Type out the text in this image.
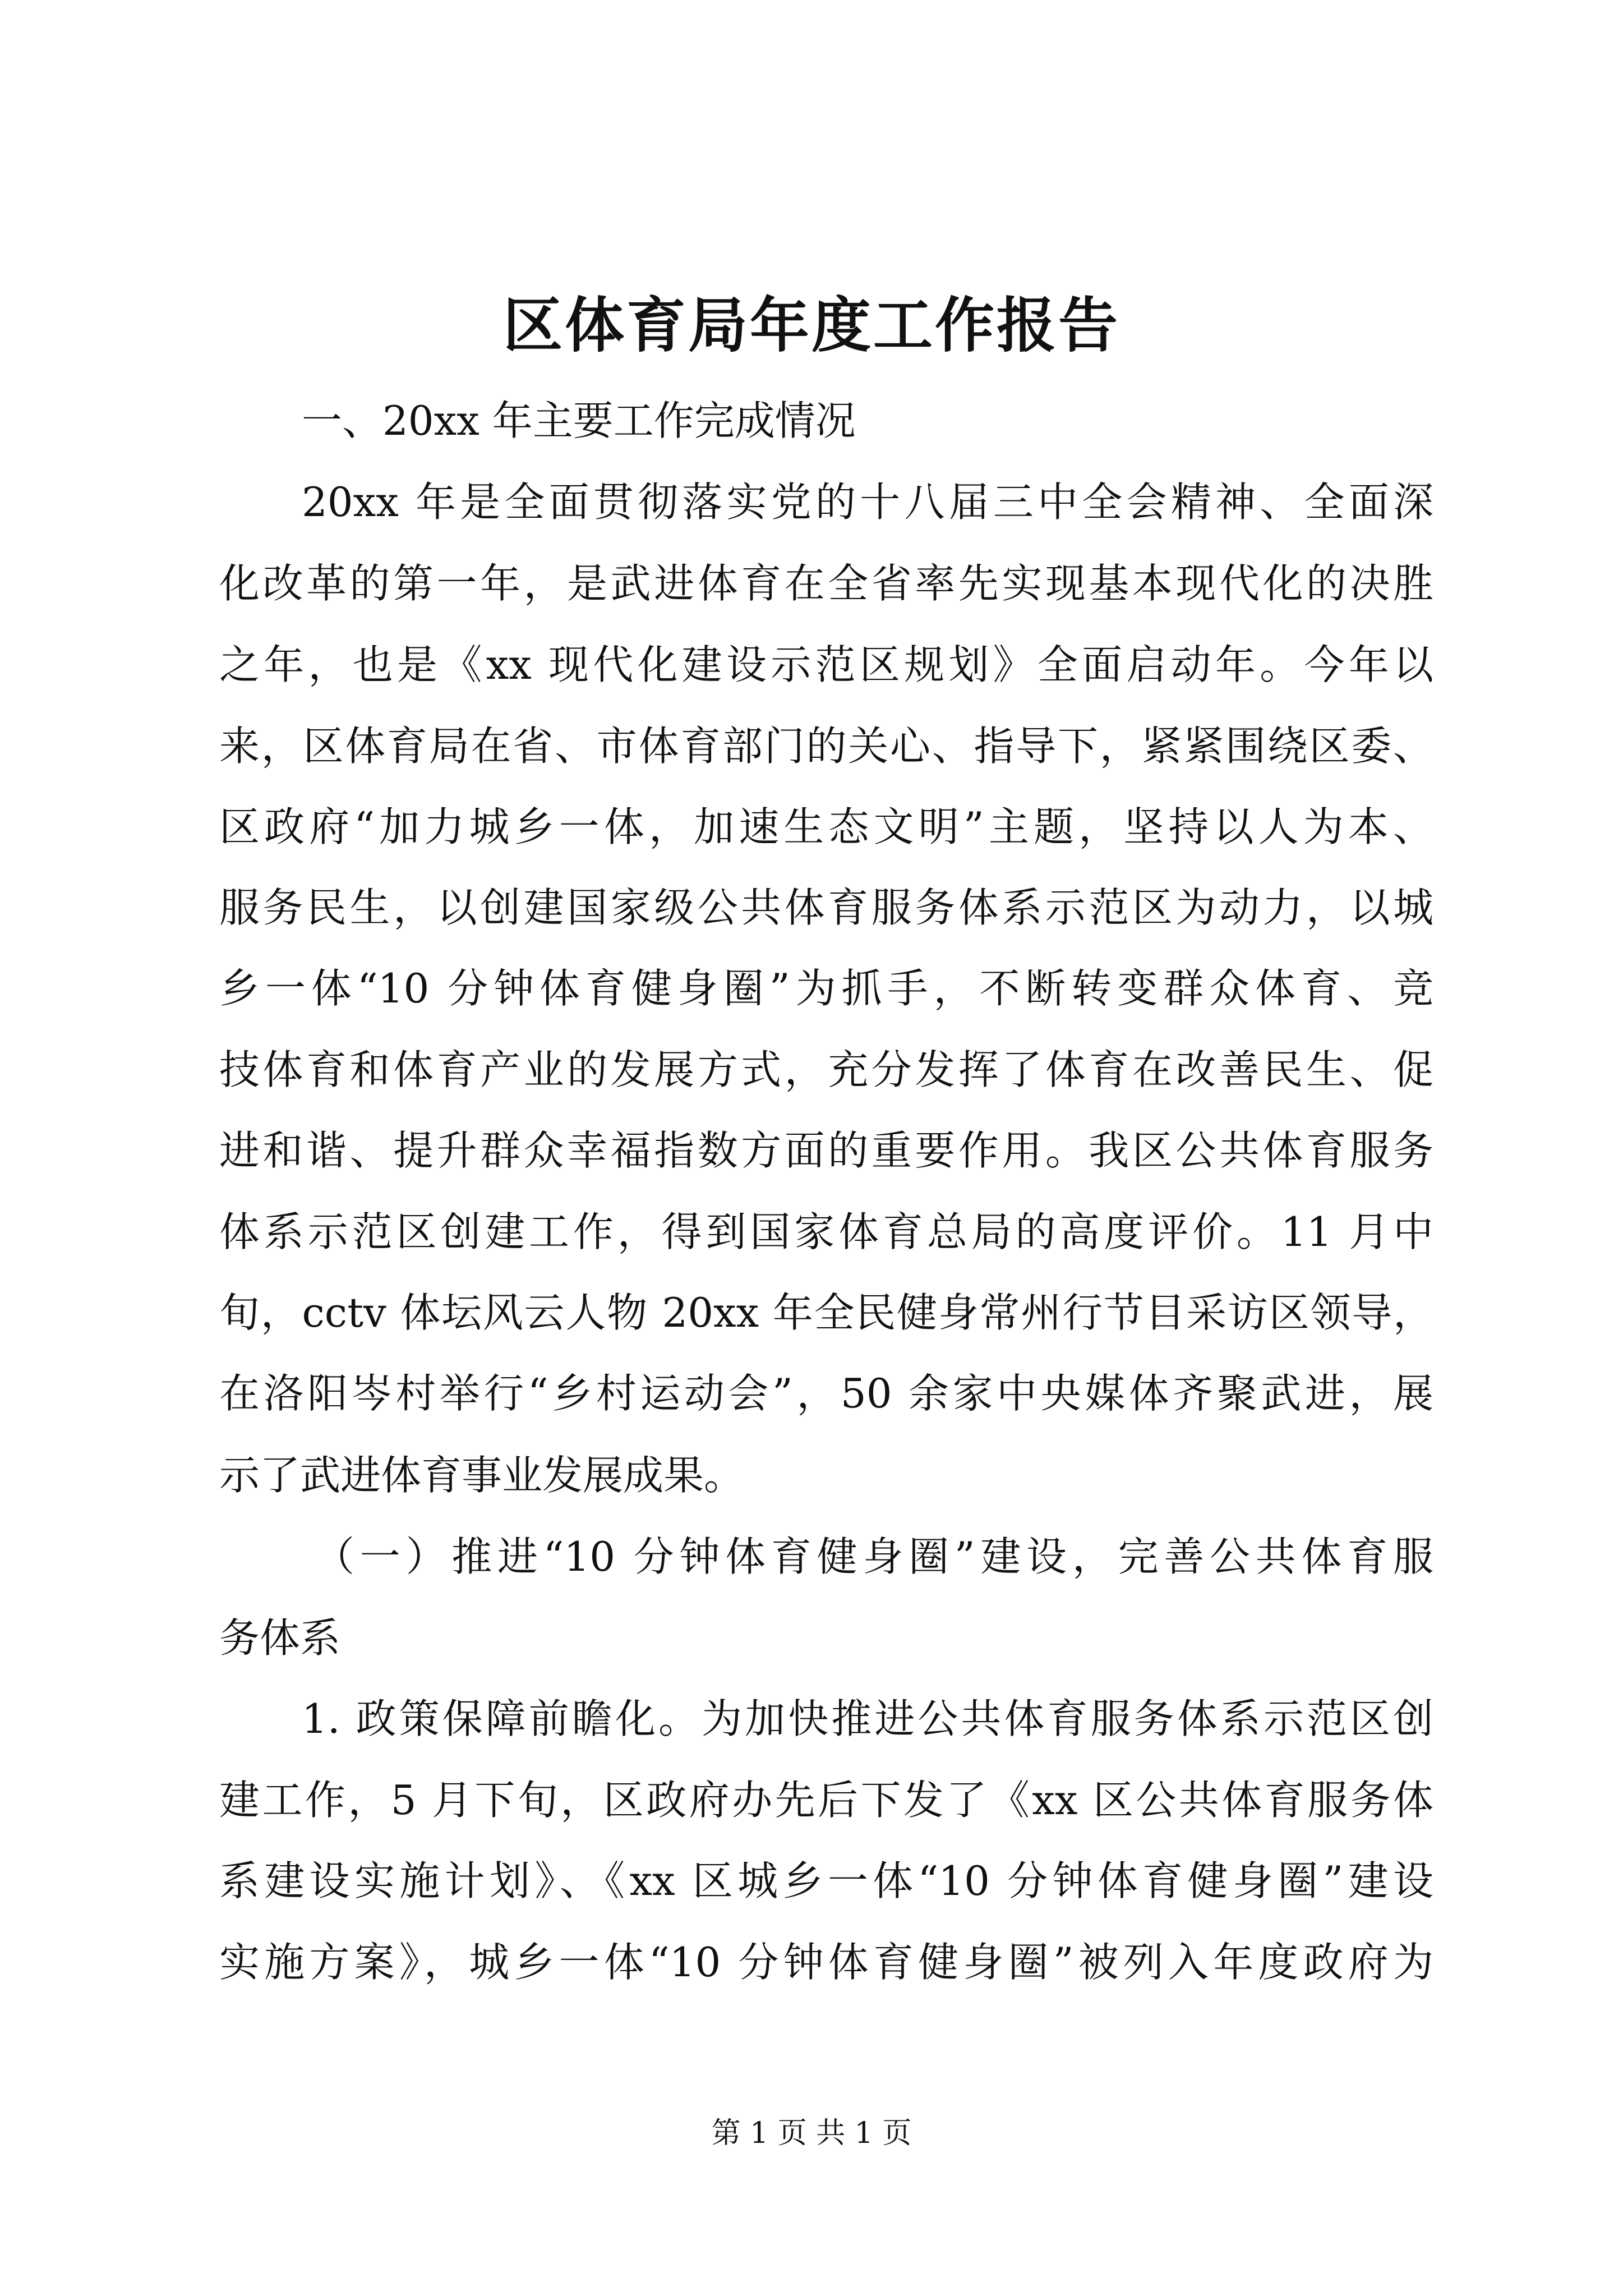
区体育局年度工作报告

一、20xx 年主要工作完成情况

20xx 年是全面贯彻落实党的十八届三中全会精神、全面深

化改革的第一年，是武进体育在全省率先实现基本现代化的决胜

之年，也是《xx 现代化建设示范区规划》全面启动年。今年以

来，区体育局在省、市体育部门的关心、指导下，紧紧围绕区委、

区政府“加力城乡一体，加速生态文明”主题，坚持以人为本、

服务民生，以创建国家级公共体育服务体系示范区为动力，以城

乡一体“10 分钟体育健身圈”为抓手，不断转变群众体育、竞

技体育和体育产业的发展方式，充分发挥了体育在改善民生、促

进和谐、提升群众幸福指数方面的重要作用。我区公共体育服务

体系示范区创建工作，得到国家体育总局的高度评价。11 月中

旬，cctv 体坛风云人物 20xx 年全民健身常州行节目采访区领导，

在洛阳岑村举行“乡村运动会”，50 余家中央媒体齐聚武进，展

示了武进体育事业发展成果。

（一）推进“10 分钟体育健身圈”建设，完善公共体育服

务体系

1. 政策保障前瞻化。为加快推进公共体育服务体系示范区创

建工作，5 月下旬，区政府办先后下发了《xx 区公共体育服务体

系建设实施计划》、《xx 区城乡一体“10 分钟体育健身圈”建设

实施方案》，城乡一体“10 分钟体育健身圈”被列入年度政府为

第 1 页 共 1 页
